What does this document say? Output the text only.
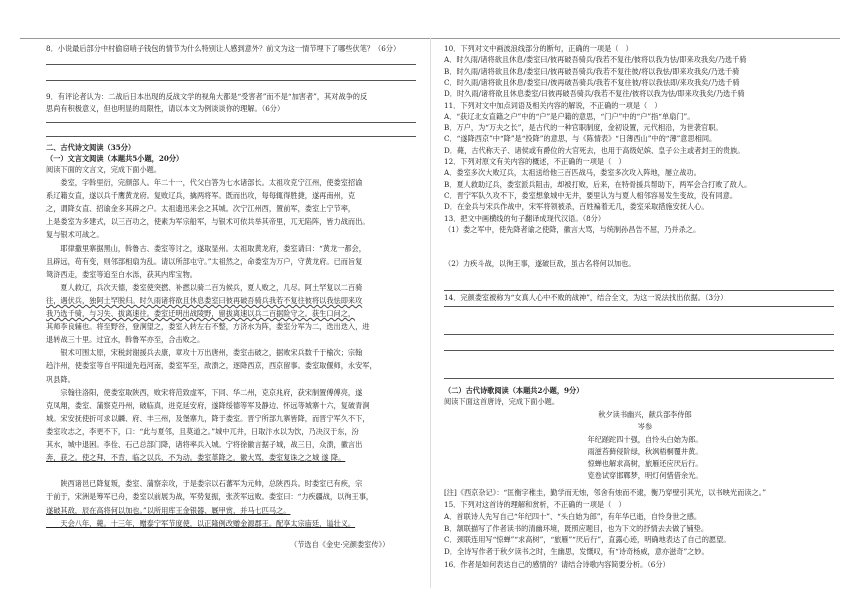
8．小说最后部分中村偷窃哨子钱包的情节为什么特别让人感到意外？前文为这一情节埋下了哪些伏笔？（6分）
9．有评论者认为：二战后日本出现的反战文学的视角大都是“受害者”而不是“加害者”，其对战争的反
思尚有积极意义，但也明显的局限性，请以本文为例谈谈你的理解。（6分）
二、古代诗文阅读（35分）
（一）文言文阅读（本题共5小题，20分）
阅读下面的文言文，完成下面小题。
　　娄室，字斡里衍，完颜部人。年二十一，代父白答为七水诸部长。太祖攻克宁江州，使娄室招谕
系辽籍女直，遂以兵千鹰黄龙府。复败辽兵，擒两将军。既而出攻，每每辄得胜捷，遂再南州，克
之，谓降女直、招谕金多其辟之户。太祖遗迅来会之其城。次宁江州西，置前军，娄室上宁节率，
上是娄室为多建式，以三百功之，使素为军宗船军，与银术可依共举其帝里，兀无陷阵，皆力战而出。
复与银术可战之。
　　耶律撒里寨据黑山，斡鲁古、娄室等讨之，遂取显州。太祖取黄龙府，娄室请曰：“黄龙一都会，
且辟远，苟有变，则邻部相扇为乱。请以所部屯守。”太祖然之，命娄室为万户，守黄龙府。已而旨复
鸳浒西走，娄室等追至白水泺，获其内库宝物。
　　夏人救辽，兵次天德，娄室使突撚、补撚以骑二百为候兵，夏人败之，几尽。阿土罕复以二百骑
往，遇伏兵，独阿土罕脱归。时久雨诸将欲且休息娄室曰彼再破吾骑兵我若不复往彼将以我怯即来攻
我乃选千骑，与习失、拔离速往。娄室迁明出战陵野，留拔离速以兵二百据险守之。获生口问之，
其师李良辅也。将至野谷，登涧望之，娄室入转左右不整，方济水为阵，娄室分军为二，迭出迭入，进
退转战三十里。过宜水，斡鲁军亦至，合击败之。
　　银术可围太原，宋税封谢援兵去康，章攻十万出唐州，娄室击破之，据败宋兵数千于榆次；宗翰
趋汴州，使娄室等自平阳道先趋河南，娄室军至，敌溃之，逐降西京，西京留事。娄室取偃师，永安军，
巩县降。
　　宗翰往洛阳，使娄室取陕西，败宋将范致虚军，下同、华二州，克京兆府，获宋制置傅傅亮，遂
克凤翔，娄室、蒲察克丹州，破临真，进克延安府，遂降绥德等军及静边、怀远等城寨十六，复破青涧
城。宋安抚使折可求以麟、府、丰三州，及堡寨九，降于娄室。晋宁所部九寨皆降，而晋宁军久不下，
娄室攻志之，李更不下，口：“此与夏邻，且莫道之。”城中兀井，日取汴水以为饮，乃决汉于东，汾
其水，城中退困。李佺、石己总部门降，诸将率兵入城。宁将徐徽言据子城，战三日，众溃，徽言出
奔，获之。使之拜，不肯，临之以兵，不为动。娄室革降之，徽大骂，娄室复诛之之城 遂 降。
　　陕西诸邑已降复叛，娄室、蒲察亲攻，于是娄宗以石蕃军为元帅，总陕西兵。时娄室已有疾，宗
于前于，宋洲是筹军已舟，娄室以前展为战，军势复振，张茨军远败。娄室曰：“力疾疆战，以徇王事，
遂破其敌，辰在高将何以加也。”以所用库王金银器、厩甲赏，并马七匹马之。
　　天会八年，薨。十三年，赠泰宁军节度使，以正隆例改赠金源郡王。配享太宗庙廷，谥壮义。
（节选自《金史·完颜娄室传》）
10．下列对文中画波浪线部分的断句，正确的一项是（　）
A．时久雨/诸将欲且休息/娄室曰/彼再破吾骑兵/我若不复往/彼将以我为怯/即来攻我矣/乃选千骑
B．时久雨/诸将欲且休息/娄室曰/彼再破吾骑兵/我若不复往彼/将以我怯/即来攻我矣/乃选千骑
C．时久雨/诸将欲且休息/娄室曰/彼再破吾骑兵/我若不复往彼/将以我怯即/来攻我矣/乃选千骑
D．时久雨/诸将欲且休息娄室/曰彼再破吾骑兵/我若不复往/彼将以我为怯/即来攻我矣/乃选千骑
11．下列对文中加点词语及相关内容的解说，不正确的一项是（　）
A．“获辽北女直籍之户”中的“户”是户籍的意思，“门户”中的“户”指“单扇门”。
B．万户，为“万夫之长”，是古代的一种官职制度，金初设置，元代相沿，为世袭官职。
C．“遂降西京”中“降”是“投降”的意思，与《陈情表》“日薄西山”中的“薄”意思相同。
D．薨，古代称天子、诸侯或有爵位的大官死去，也用于高级妃嫔、皇子公主或者封王的贵族。
12．下列对原文有关内容的概述，不正确的一项是（　）
A．娄室多次大败辽兵，太祖送给他三百匹战马，娄室多次攻入阵地，屡立战功。
B．夏人救助辽兵，娄室派兵阻击，却被打败，后来，在特骨援兵帮助下，两军会合打败了敌人。
C．晋宁军队久攻不下，娄室想象城中无井，要里认为与夏人相邻容易发生变故，没有同意。
D．在金兵与宋兵作战中，宋军将领被杀，百姓褊着无几，娄室采取措施安抚人心。
13．把文中画横线的句子翻译成现代汉语。（8分）
（1）娄之军中，使先降者谕之使降，徽言大骂，与统制孙昌告不屈，乃并杀之。
（2）力疾斗战，以徇王事，遂破巨敌，虽古名将何以加也。
14．完颜娄室被称为“女真人心中不败的战神”，结合全文，为这一说法找出依据。（3分）
（二）古代诗歌阅读（本题共2小题，9分）
阅读下面这首唐诗，完成下面小题。
秋夕读书幽兴，献兵部李侍郎
岑参
年纪蹉跎四十强，自怜头白始为郎。
雨滋苔藓侵阶绿，秋飒梧桐覆井黄。
惊蝉也解求高树，旅雁还应厌后行。
览卷试穿邯鄲梦，明灯何惜借余光。
[注]《西京杂记》：“匡衡字稚圭，勤学而无烛，邻舍有烛而不逮，衡乃穿壁引其光，以书映光而读之。”
15．下列对这首诗的理解和赏析，不正确的一项是（　）
A．首联诗人先写自己“年纪四十”、“头白始为郎”，有年华已逝，自怜身世之感。
B．颔联描写了作者读书的清幽环境，既照应题目，也为下文的抒情去去做了铺垫。
C．颈联连用写“惊蝉”“求高树”，“旅雁”“厌后行”，直露心迹，明确地表达了自己的愿望。
D．全诗写作者于秋夕读书之时，生幽思，发慨叹，有“诗奇杨威，意亦滋奇”之妙。
16．作者是如何表达自己的感情的？请结合诗歌内容简要分析。（6分）
